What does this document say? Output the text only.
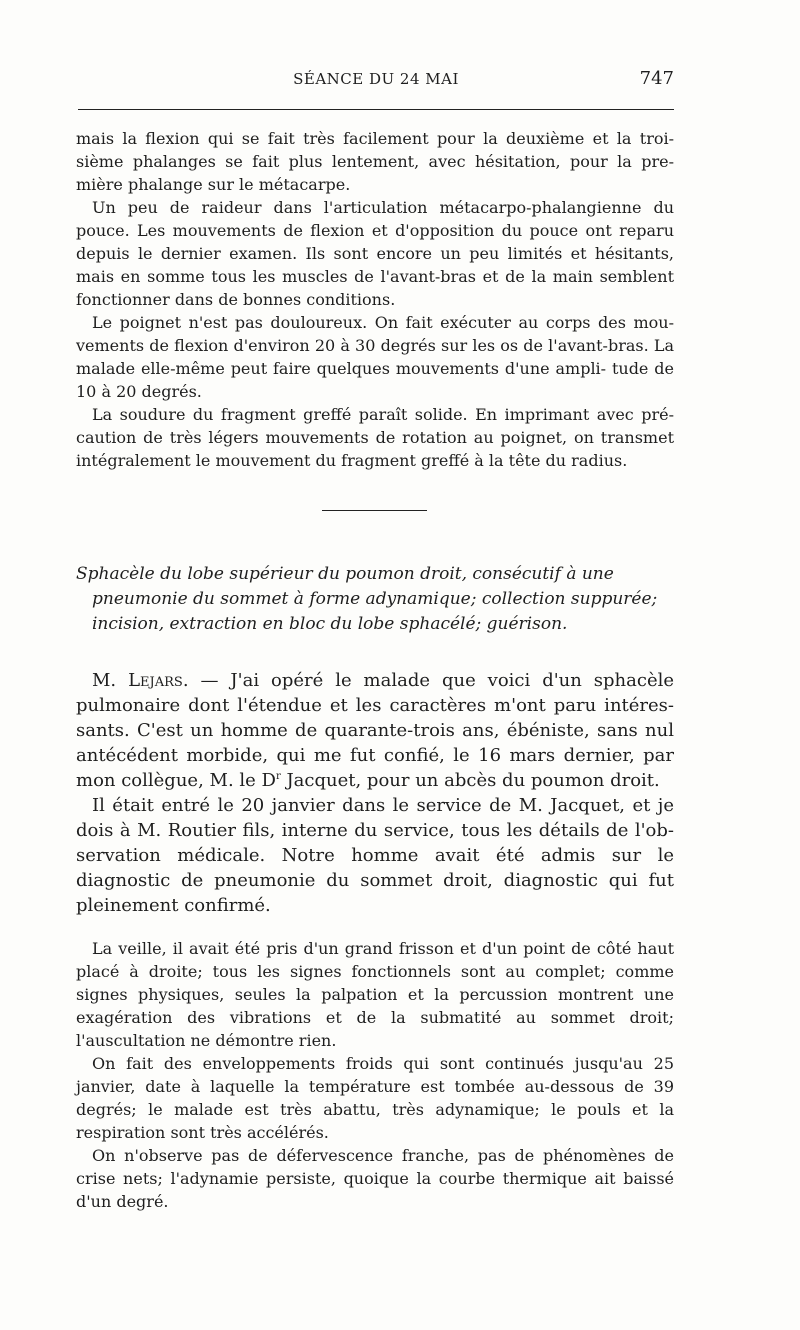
SÉANCE DU 24 MAI	747

mais la flexion qui se fait très facilement pour la deuxième et la troi- sième phalanges se fait plus lentement, avec hésitation, pour la pre- mière phalange sur le métacarpe.

Un peu de raideur dans l'articulation métacarpo-phalangienne du pouce. Les mouvements de flexion et d'opposition du pouce ont reparu depuis le dernier examen. Ils sont encore un peu limités et hésitants, mais en somme tous les muscles de l'avant-bras et de la main semblent fonctionner dans de bonnes conditions.

Le poignet n'est pas douloureux. On fait exécuter au corps des mou- vements de flexion d'environ 20 à 30 degrés sur les os de l'avant-bras. La malade elle-même peut faire quelques mouvements d'une ampli- tude de 10 à 20 degrés.

La soudure du fragment greffé paraît solide. En imprimant avec pré- caution de très légers mouvements de rotation au poignet, on transmet intégralement le mouvement du fragment greffé à la tête du radius.

Sphacèle du lobe supérieur du poumon droit, consécutif à une

pneumonie du sommet à forme adynamique; collection suppurée;

incision, extraction en bloc du lobe sphacélé; guérison.

M. Lejars. — J'ai opéré le malade que voici d'un sphacèle pulmonaire dont l'étendue et les caractères m'ont paru intéres- sants. C'est un homme de quarante-trois ans, ébéniste, sans nul antécédent morbide, qui me fut confié, le 16 mars dernier, par mon collègue, M. le $D^r$ Jacquet, pour un abcès du poumon droit.

Il était entré le 20 janvier dans le service de M. Jacquet, et je dois à M. Routier fils, interne du service, tous les détails de l'ob- servation médicale. Notre homme avait été admis sur le diagnostic de pneumonie du sommet droit, diagnostic qui fut pleinement confirmé.

La veille, il avait été pris d'un grand frisson et d'un point de côté haut placé à droite; tous les signes fonctionnels sont au complet; comme signes physiques, seules la palpation et la percussion montrent une exagération des vibrations et de la submatité au sommet droit; l'auscultation ne démontre rien.

On fait des enveloppements froids qui sont continués jusqu'au 25 janvier, date à laquelle la température est tombée au-dessous de 39 degrés; le malade est très abattu, très adynamique; le pouls et la respiration sont très accélérés.

On n'observe pas de défervescence franche, pas de phénomènes de crise nets; l'adynamie persiste, quoique la courbe thermique ait baissé d'un degré.
